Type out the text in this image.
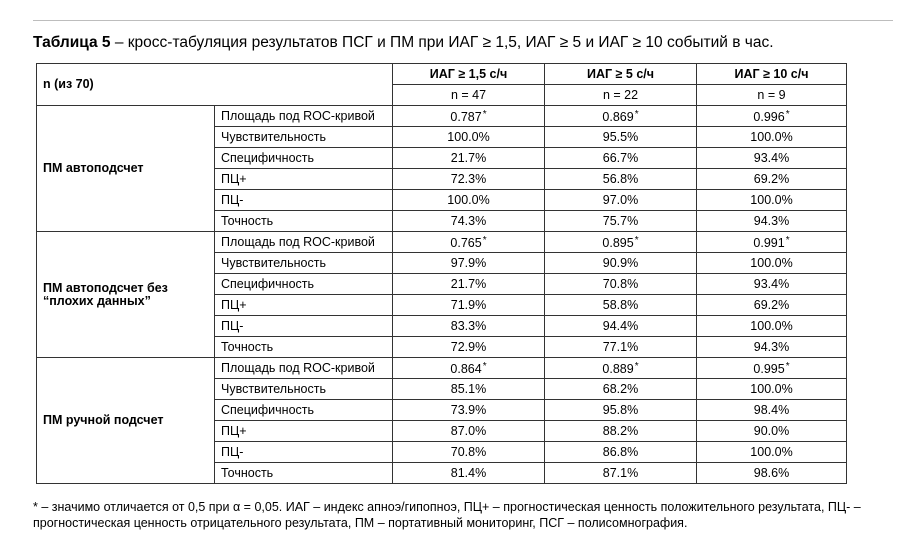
Таблица 5 – кросс-табуляция результатов ПСГ и ПМ при ИАГ ≥ 1,5, ИАГ ≥ 5 и ИАГ ≥ 10 событий в час.
n (из 70)		ИАГ ≥ 1,5 с/ч	ИАГ ≥ 5 с/ч	ИАГ ≥ 10 с/ч
		n = 47	n = 22	n = 9
ПМ автоподсчет	Площадь под ROC-кривой	0.787 *	0.869 *	0.996 *
	Чувствительность	100.0%	95.5%	100.0%
	Специфичность	21.7%	66.7%	93.4%
	ПЦ+	72.3%	56.8%	69.2%
	ПЦ-	100.0%	97.0%	100.0%
	Точность	74.3%	75.7%	94.3%
ПМ автоподсчет без “плохих данных”	Площадь под ROC-кривой	0.765 *	0.895 *	0.991 *
	Чувствительность	97.9%	90.9%	100.0%
	Специфичность	21.7%	70.8%	93.4%
	ПЦ+	71.9%	58.8%	69.2%
	ПЦ-	83.3%	94.4%	100.0%
	Точность	72.9%	77.1%	94.3%
ПМ ручной подсчет	Площадь под ROC-кривой	0.864 *	0.889 *	0.995 *
	Чувствительность	85.1%	68.2%	100.0%
	Специфичность	73.9%	95.8%	98.4%
	ПЦ+	87.0%	88.2%	90.0%
	ПЦ-	70.8%	86.8%	100.0%
	Точность	81.4%	87.1%	98.6%
* – значимо отличается от 0,5 при α = 0,05. ИАГ – индекс апноэ/гипопноэ, ПЦ+ – прогностическая ценность положительного результата, ПЦ- – прогностическая ценность отрицательного результата, ПМ – портативный мониторинг, ПСГ – полисомнография.
